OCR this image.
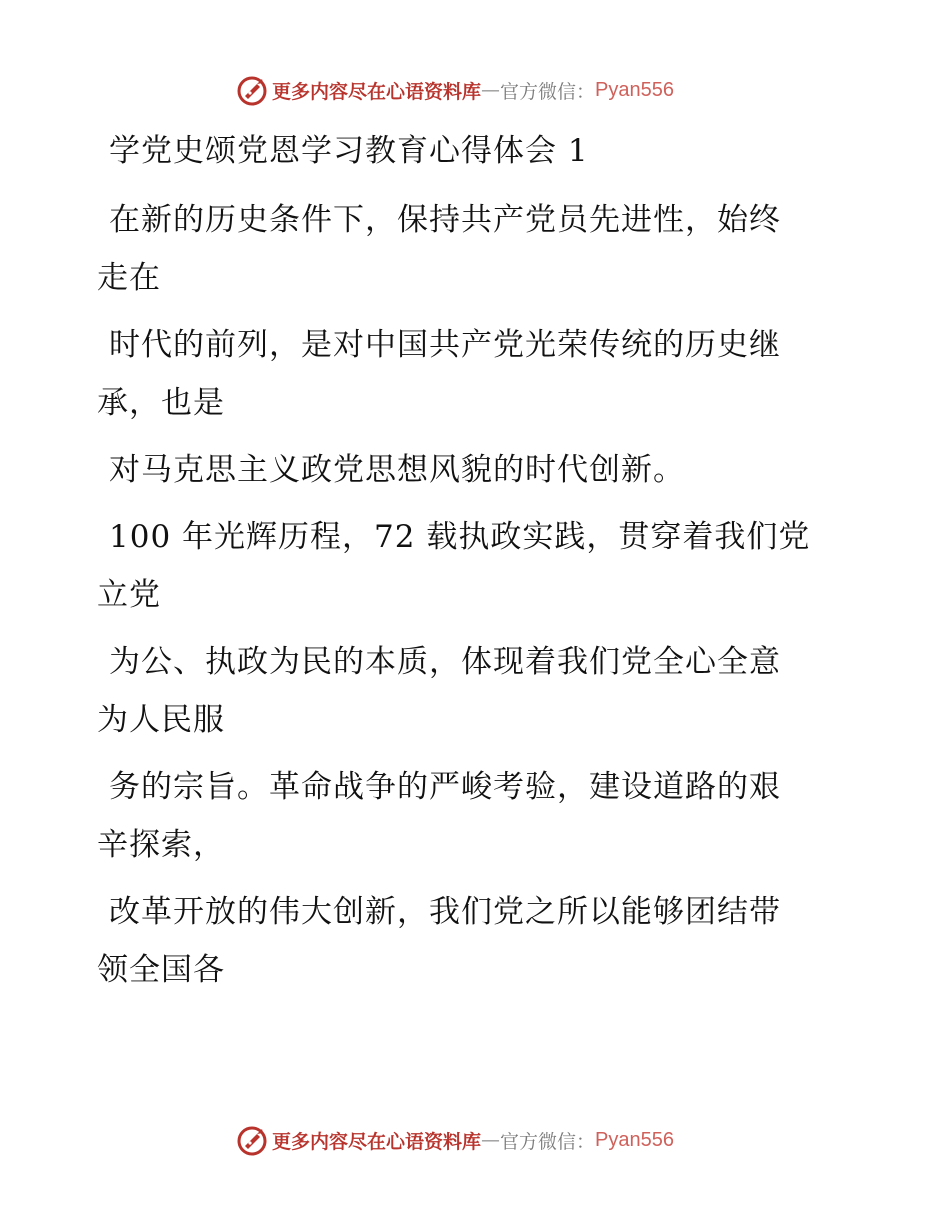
更多内容尽在心语资料库 — 官方微信： Pyan556
学党史颂党恩学习教育心得体会 1
在新的历史条件下，保持共产党员先进性，始终
走在
时代的前列，是对中国共产党光荣传统的历史继
承，也是
对马克思主义政党思想风貌的时代创新。
100 年光辉历程，72 载执政实践，贯穿着我们党
立党
为公、执政为民的本质，体现着我们党全心全意
为人民服
务的宗旨。革命战争的严峻考验，建设道路的艰
辛探索，
改革开放的伟大创新，我们党之所以能够团结带
领全国各
更多内容尽在心语资料库 — 官方微信： Pyan556
